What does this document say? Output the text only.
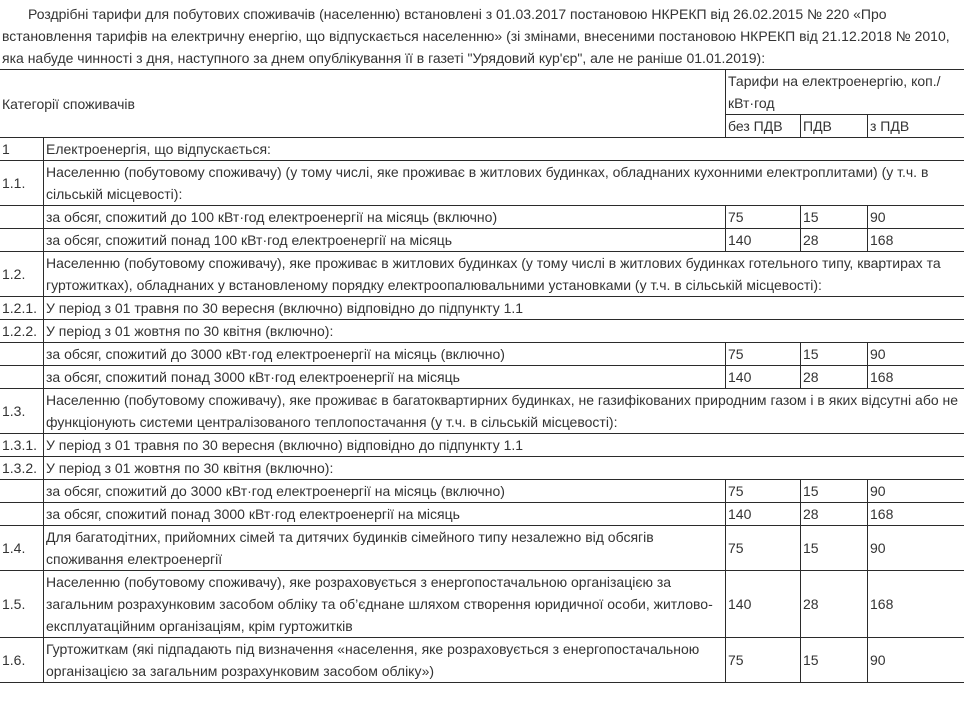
Роздрібні тарифи для побутових споживачів (населенню) встановлені з 01.03.2017 постановою НКРЕКП від 26.02.2015 № 220 «Про встановлення тарифів на електричну енергію, що відпускається населенню» (зі змінами, внесеними постановою НКРЕКП від 21.12.2018 № 2010, яка набуде чинності з дня, наступного за днем опублікування її в газеті "Урядовий кур'єр", але не раніше 01.01.2019):

Категорії споживачів		Тарифи на електроенергію, коп./кВт·год		
		без ПДВ	ПДВ	з ПДВ
1	Електроенергія, що відпускається:			
1.1.	Населенню (побутовому споживачу) (у тому числі, яке проживає в житлових будинках, обладнаних кухонними електроплитами) (у т.ч. в сільській місцевості):			
	за обсяг, спожитий до 100 кВт·год електроенергії на місяць (включно)	75	15	90
	за обсяг, спожитий понад 100 кВт·год електроенергії на місяць	140	28	168
1.2.	Населенню (побутовому споживачу), яке проживає в житлових будинках (у тому числі в житлових будинках готельного типу, квартирах та гуртожитках), обладнаних у встановленому порядку електроопалювальними установками (у т.ч. в сільській місцевості):			
1.2.1.	У період з 01 травня по 30 вересня (включно) відповідно до підпункту 1.1			
1.2.2.	У період з 01 жовтня по 30 квітня (включно):			
	за обсяг, спожитий до 3000 кВт·год електроенергії на місяць (включно)	75	15	90
	за обсяг, спожитий понад 3000 кВт·год електроенергії на місяць	140	28	168
1.3.	Населенню (побутовому споживачу), яке проживає в багатоквартирних будинках, не газифікованих природним газом і в яких відсутні або не функціонують системи централізованого теплопостачання (у т.ч. в сільській місцевості):			
1.3.1.	У період з 01 травня по 30 вересня (включно) відповідно до підпункту 1.1			
1.3.2.	У період з 01 жовтня по 30 квітня (включно):			
	за обсяг, спожитий до 3000 кВт·год електроенергії на місяць (включно)	75	15	90
	за обсяг, спожитий понад 3000 кВт·год електроенергії на місяць	140	28	168
1.4.	Для багатодітних, прийомних сімей та дитячих будинків сімейного типу незалежно від обсягів споживання електроенергії	75	15	90
1.5.	Населенню (побутовому споживачу), яке розраховується з енергопостачальною організацією за загальним розрахунковим засобом обліку та об’єднане шляхом створення юридичної особи, житлово-експлуатаційним організаціям, крім гуртожитків	140	28	168
1.6.	Гуртожиткам (які підпадають під визначення «населення, яке розраховується з енергопостачальною організацією за загальним розрахунковим засобом обліку»)	75	15	90
